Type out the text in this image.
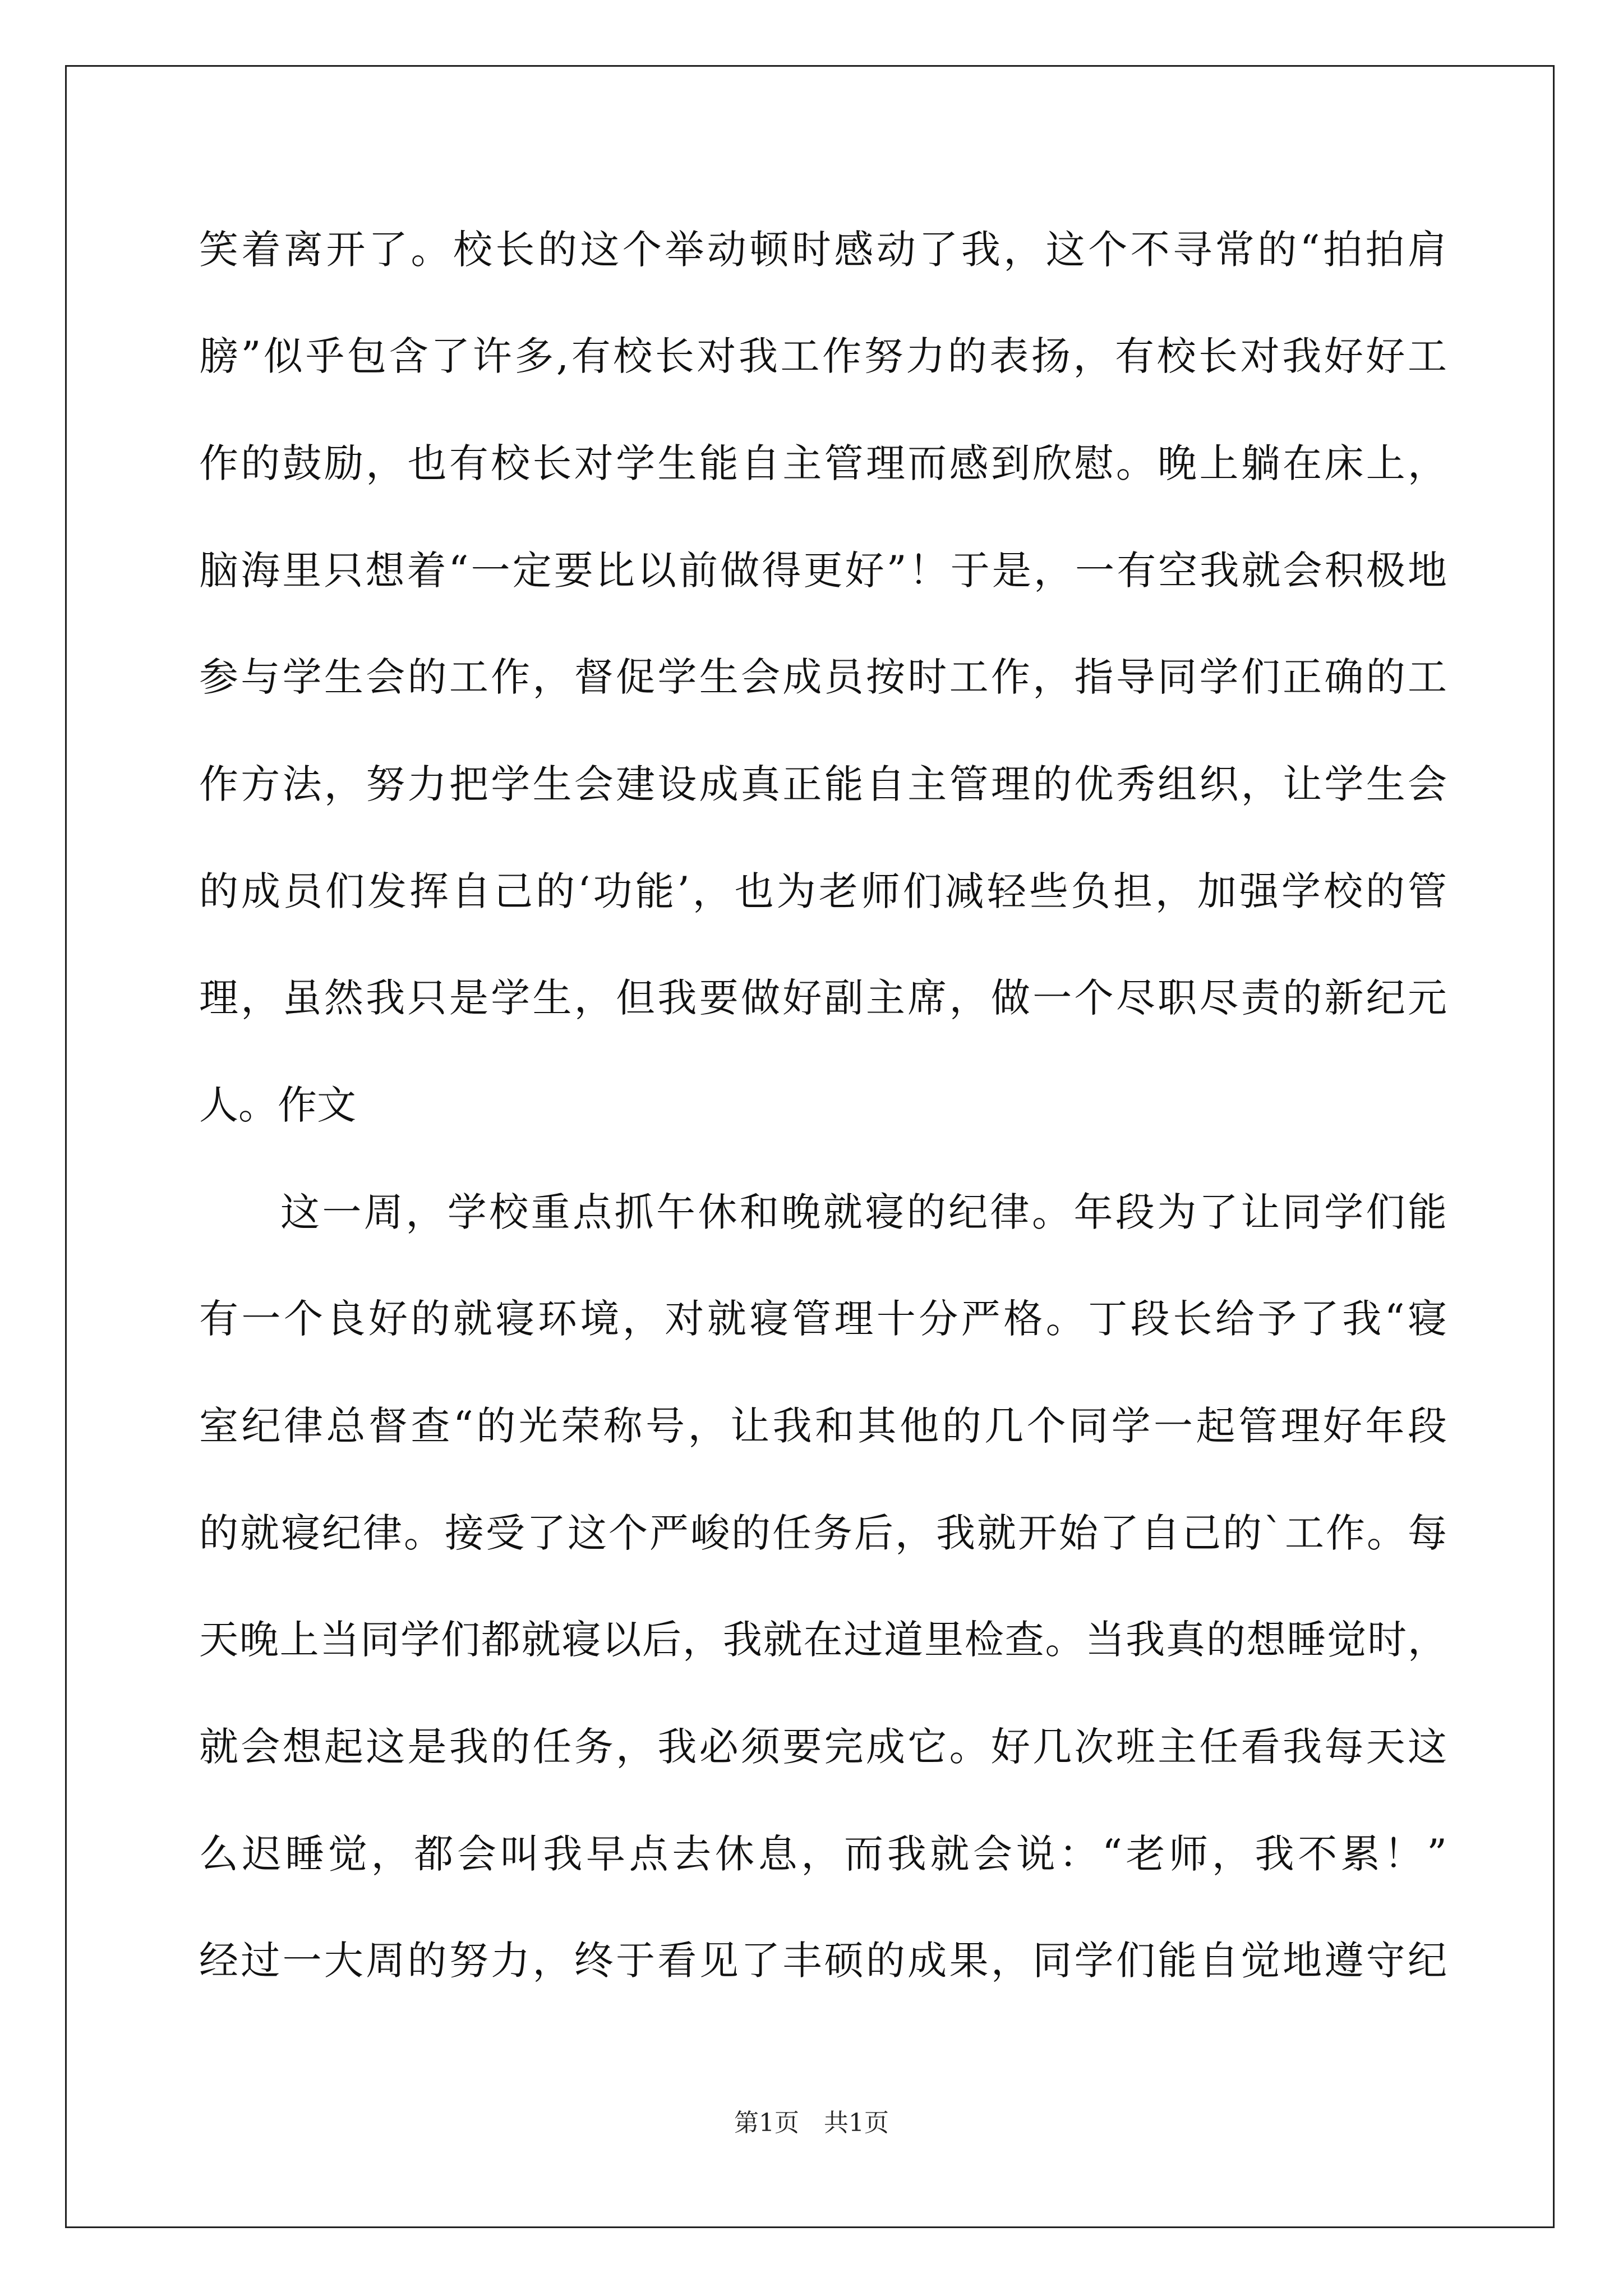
笑着离开了。校长的这个举动顿时感动了我，这个不寻常的“拍拍肩
膀”似乎包含了许多,有校长对我工作努力的表扬，有校长对我好好工
作的鼓励，也有校长对学生能自主管理而感到欣慰。晚上躺在床上，
脑海里只想着“一定要比以前做得更好”！于是，一有空我就会积极地
参与学生会的工作，督促学生会成员按时工作，指导同学们正确的工
作方法，努力把学生会建设成真正能自主管理的优秀组织，让学生会
的成员们发挥自己的‘功能’，也为老师们减轻些负担，加强学校的管
理，虽然我只是学生，但我要做好副主席，做一个尽职尽责的新纪元
人。作文
这一周，学校重点抓午休和晚就寝的纪律。年段为了让同学们能
有一个良好的就寝环境，对就寝管理十分严格。丁段长给予了我“寝
室纪律总督查“的光荣称号，让我和其他的几个同学一起管理好年段
的就寝纪律。接受了这个严峻的任务后，我就开始了自己的`工作。每
天晚上当同学们都就寝以后，我就在过道里检查。当我真的想睡觉时，
就会想起这是我的任务，我必须要完成它。好几次班主任看我每天这
么迟睡觉，都会叫我早点去休息，而我就会说：“老师，我不累！”
经过一大周的努力，终于看见了丰硕的成果，同学们能自觉地遵守纪
第1页　共1页
